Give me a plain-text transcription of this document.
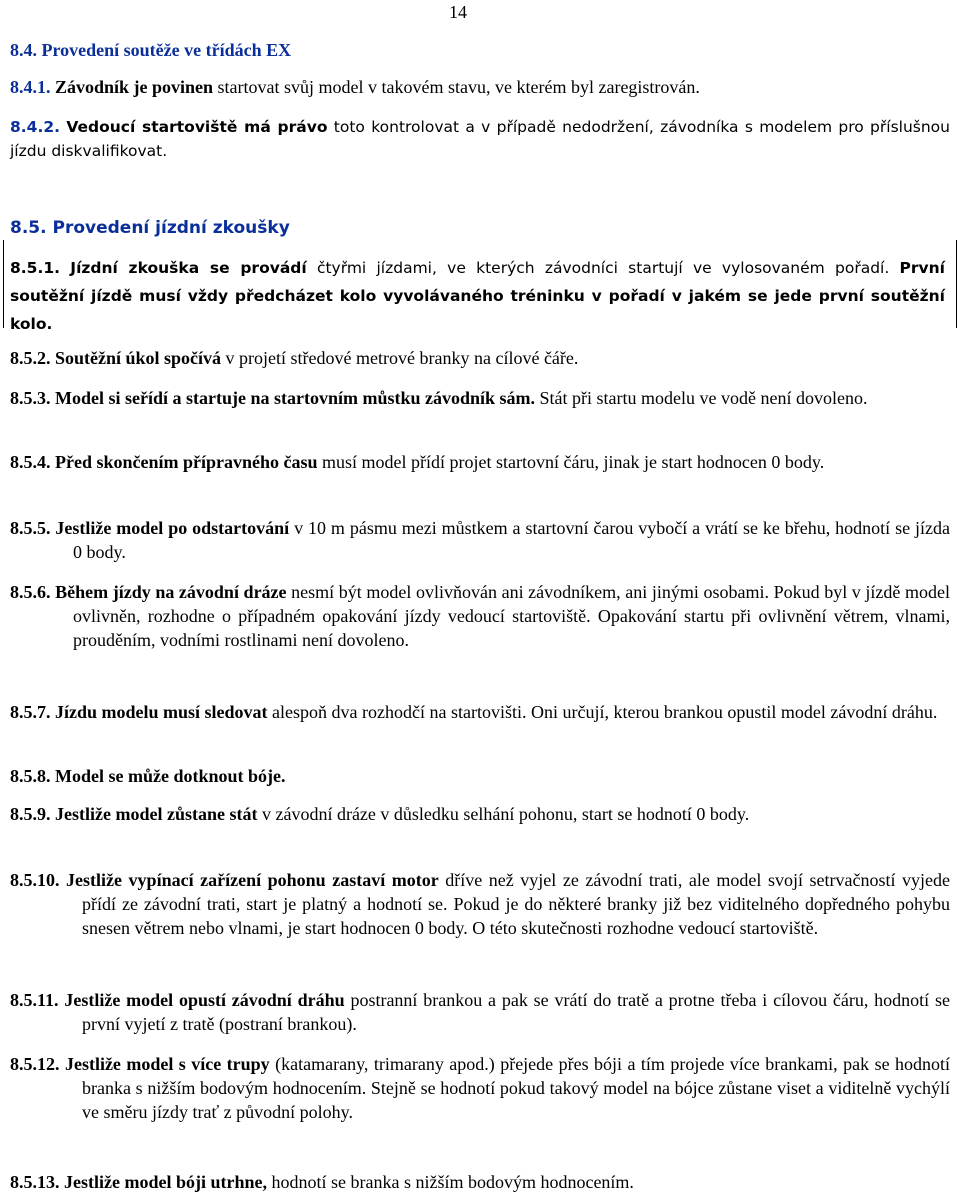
14
8.4. Provedení soutěže ve třídách EX
8.4.1. Závodník je povinen startovat svůj model v takovém stavu, ve kterém byl zaregistrován.
8.4.2. Vedoucí startoviště má právo toto kontrolovat a v případě nedodržení, závodníka s modelem pro příslušnou jízdu diskvalifikovat.
8.5. Provedení jízdní zkoušky
8.5.1. Jízdní zkouška se provádí čtyřmi jízdami, ve kterých závodníci startují ve vylosovaném pořadí. První soutěžní jízdě musí vždy předcházet kolo vyvolávaného tréninku v pořadí v jakém se jede první soutěžní kolo.
8.5.2. Soutěžní úkol spočívá v projetí středové metrové branky na cílové čáře.
8.5.3. Model si seřídí a startuje na startovním můstku závodník sám. Stát při startu modelu ve vodě není dovoleno.
8.5.4. Před skončením přípravného času musí model přídí projet startovní čáru, jinak je start hodnocen 0 body.
8.5.5. Jestliže model po odstartování v 10 m pásmu mezi můstkem a startovní čarou vybočí a vrátí se ke břehu, hodnotí se jízda 0 body.
8.5.6. Během jízdy na závodní dráze nesmí být model ovlivňován ani závodníkem, ani jinými osobami. Pokud byl v jízdě model ovlivněn, rozhodne o případném opakování jízdy vedoucí startoviště. Opakování startu při ovlivnění větrem, vlnami, prouděním, vodními rostlinami není dovoleno.
8.5.7. Jízdu modelu musí sledovat alespoň dva rozhodčí na startovišti. Oni určují, kterou brankou opustil model závodní dráhu.
8.5.8. Model se může dotknout bóje.
8.5.9. Jestliže model zůstane stát v závodní dráze v důsledku selhání pohonu, start se hodnotí 0 body.
8.5.10. Jestliže vypínací zařízení pohonu zastaví motor dříve než vyjel ze závodní trati, ale model svojí setrvačností vyjede přídí ze závodní trati, start je platný a hodnotí se. Pokud je do některé branky již bez viditelného dopředného pohybu snesen větrem nebo vlnami, je start hodnocen 0 body. O této skutečnosti rozhodne vedoucí startoviště.
8.5.11. Jestliže model opustí závodní dráhu postranní brankou a pak se vrátí do tratě a protne třeba i cílovou čáru, hodnotí se první vyjetí z tratě (postraní brankou).
8.5.12. Jestliže model s více trupy (katamarany, trimarany apod.) přejede přes bóji a tím projede více brankami, pak se hodnotí branka s nižším bodovým hodnocením. Stejně se hodnotí pokud takový model na bójce zůstane viset a viditelně vychýlí ve směru jízdy trať z původní polohy.
8.5.13. Jestliže model bóji utrhne, hodnotí se branka s nižším bodovým hodnocením.
